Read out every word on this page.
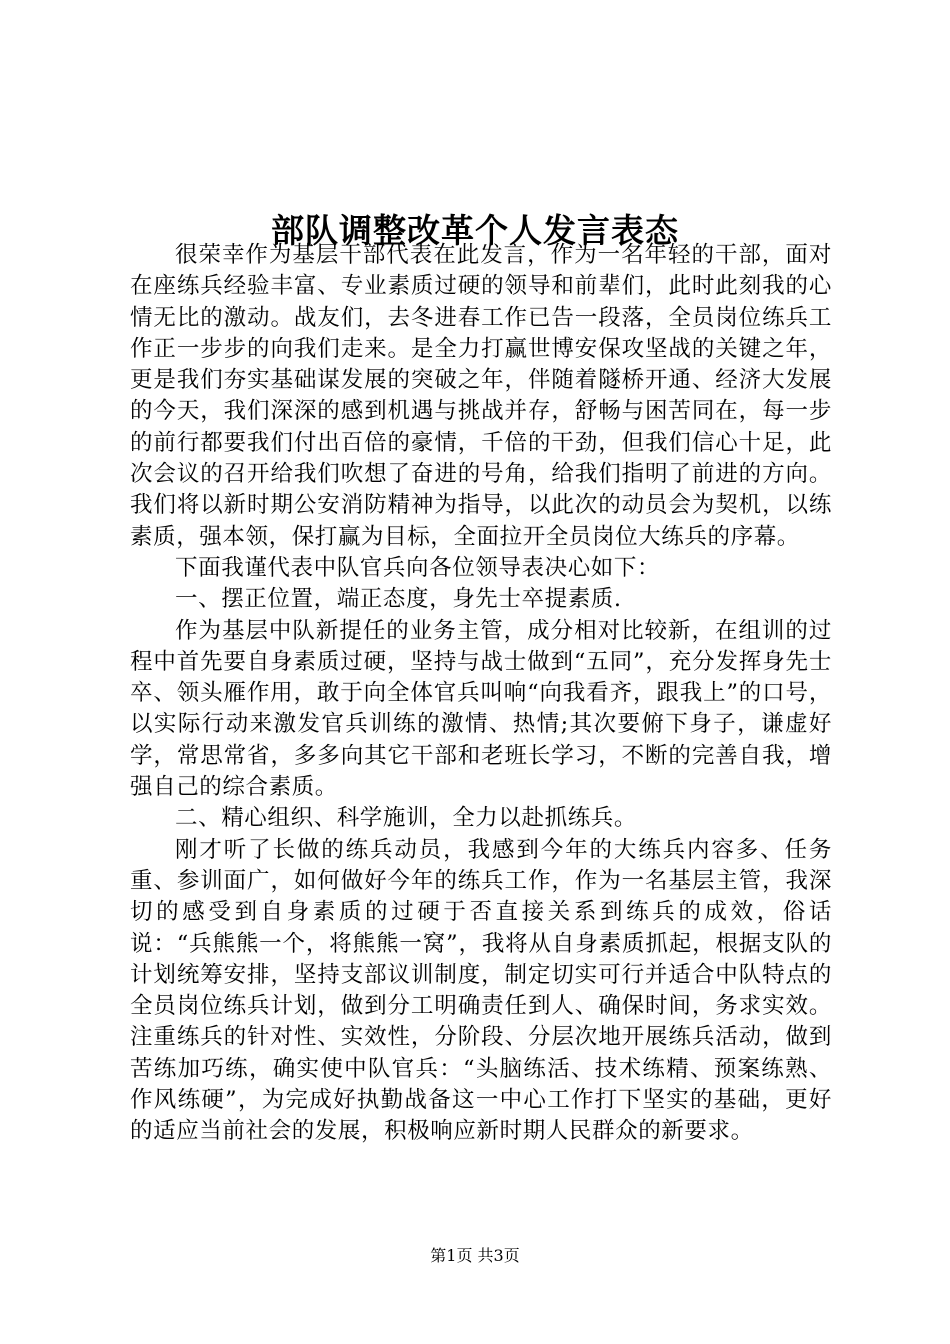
部队调整改革个人发言表态

很荣幸作为基层干部代表在此发言，作为一名年轻的干部，面对在座练兵经验丰富、专业素质过硬的领导和前辈们，此时此刻我的心情无比的激动。战友们，去冬进春工作已告一段落，全员岗位练兵工作正一步步的向我们走来。是全力打赢世博安保攻坚战的关键之年，更是我们夯实基础谋发展的突破之年，伴随着隧桥开通、经济大发展的今天，我们深深的感到机遇与挑战并存，舒畅与困苦同在，每一步的前行都要我们付出百倍的豪情，千倍的干劲，但我们信心十足，此次会议的召开给我们吹想了奋进的号角，给我们指明了前进的方向。我们将以新时期公安消防精神为指导，以此次的动员会为契机，以练素质，强本领，保打赢为目标，全面拉开全员岗位大练兵的序幕。

下面我谨代表中队官兵向各位领导表决心如下：

一、摆正位置，端正态度，身先士卒提素质.

作为基层中队新提任的业务主管，成分相对比较新，在组训的过程中首先要自身素质过硬，坚持与战士做到“五同”，充分发挥身先士卒、领头雁作用，敢于向全体官兵叫响“向我看齐，跟我上”的口号，以实际行动来激发官兵训练的激情、热情;其次要俯下身子，谦虚好学，常思常省，多多向其它干部和老班长学习，不断的完善自我，增强自己的综合素质。

二、精心组织、科学施训，全力以赴抓练兵。

刚才听了长做的练兵动员，我感到今年的大练兵内容多、任务重、参训面广，如何做好今年的练兵工作，作为一名基层主管，我深切的感受到自身素质的过硬于否直接关系到练兵的成效，俗话说：“兵熊熊一个，将熊熊一窝”，我将从自身素质抓起，根据支队的计划统筹安排，坚持支部议训制度，制定切实可行并适合中队特点的全员岗位练兵计划，做到分工明确责任到人、确保时间，务求实效。注重练兵的针对性、实效性，分阶段、分层次地开展练兵活动，做到苦练加巧练，确实使中队官兵：“头脑练活、技术练精、预案练熟、作风练硬”，为完成好执勤战备这一中心工作打下坚实的基础，更好的适应当前社会的发展，积极响应新时期人民群众的新要求。

第1页 共3页
